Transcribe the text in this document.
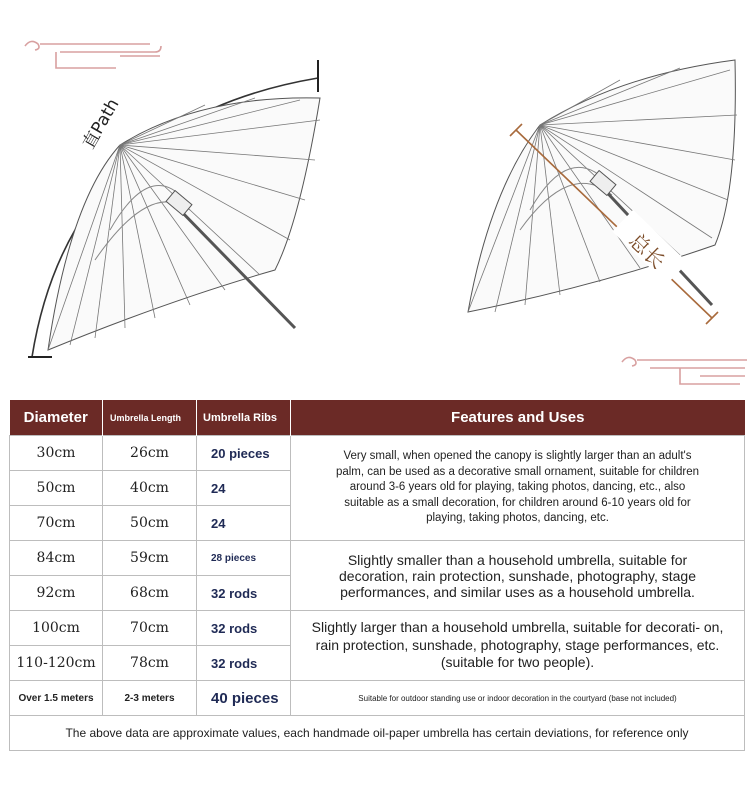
直Path
总长
Diameter	Umbrella Length	Umbrella Ribs	Features and Uses
30cm	26cm	20 pieces	Very small, when opened the canopy is slightly larger than an adult's palm, can be used as a decorative small ornament, suitable for children around 3-6 years old for playing, taking photos, dancing, etc., also suitable as a small decoration, for children around 6-10 years old for playing, taking photos, dancing, etc.
50cm	40cm	24	
70cm	50cm	24	
84cm	59cm	28 pieces	Slightly smaller than a household umbrella, suitable for decoration, rain protection, sunshade, photography, stage performances, and similar uses as a household umbrella.
92cm	68cm	32 rods	
100cm	70cm	32 rods	Slightly larger than a household umbrella, suitable for decorati- on, rain protection, sunshade, photography, stage performances, etc. (suitable for two people).
110-120cm	78cm	32 rods	
Over 1.5 meters	2-3 meters	40 pieces	Suitable for outdoor standing use or indoor decoration in the courtyard (base not included)
The above data are approximate values, each handmade oil-paper umbrella has certain deviations, for reference only			
